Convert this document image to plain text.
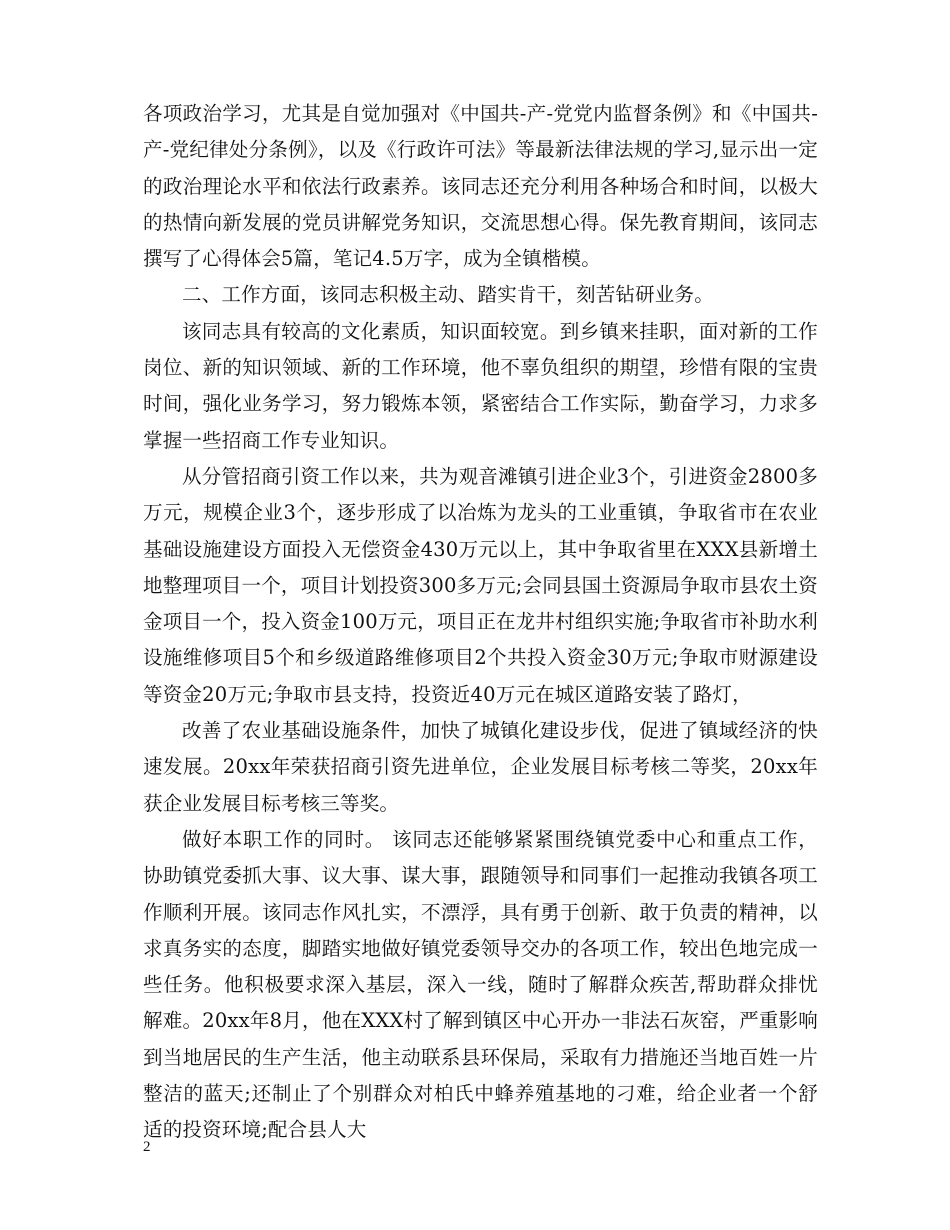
各项政治学习，尤其是自觉加强对《中国共-产-党党内监督条例》和《中国共-产-党纪律处分条例》，以及《行政许可法》等最新法律法规的学习,显示出一定的政治理论水平和依法行政素养。该同志还充分利用各种场合和时间，以极大的热情向新发展的党员讲解党务知识，交流思想心得。保先教育期间，该同志撰写了心得体会5篇，笔记4.5万字，成为全镇楷模。

二、工作方面，该同志积极主动、踏实肯干，刻苦钻研业务。

该同志具有较高的文化素质，知识面较宽。到乡镇来挂职，面对新的工作岗位、新的知识领域、新的工作环境，他不辜负组织的期望，珍惜有限的宝贵时间，强化业务学习，努力锻炼本领，紧密结合工作实际，勤奋学习，力求多掌握一些招商工作专业知识。

从分管招商引资工作以来，共为观音滩镇引进企业3个，引进资金2800多万元，规模企业3个，逐步形成了以冶炼为龙头的工业重镇，争取省市在农业基础设施建设方面投入无偿资金430万元以上，其中争取省里在XXX县新增土地整理项目一个，项目计划投资300多万元;会同县国土资源局争取市县农土资金项目一个，投入资金100万元，项目正在龙井村组织实施;争取省市补助水利设施维修项目5个和乡级道路维修项目2个共投入资金30万元;争取市财源建设等资金20万元;争取市县支持，投资近40万元在城区道路安装了路灯，

改善了农业基础设施条件，加快了城镇化建设步伐，促进了镇域经济的快速发展。20xx年荣获招商引资先进单位，企业发展目标考核二等奖，20xx年获企业发展目标考核三等奖。

做好本职工作的同时。 该同志还能够紧紧围绕镇党委中心和重点工作，协助镇党委抓大事、议大事、谋大事，跟随领导和同事们一起推动我镇各项工作顺利开展。该同志作风扎实，不漂浮，具有勇于创新、敢于负责的精神，以求真务实的态度，脚踏实地做好镇党委领导交办的各项工作，较出色地完成一些任务。他积极要求深入基层，深入一线，随时了解群众疾苦,帮助群众排忧解难。20xx年8月，他在XXX村了解到镇区中心开办一非法石灰窑，严重影响到当地居民的生产生活，他主动联系县环保局，采取有力措施还当地百姓一片整洁的蓝天;还制止了个别群众对柏氏中蜂养殖基地的刁难，给企业者一个舒适的投资环境;配合县人大

2
